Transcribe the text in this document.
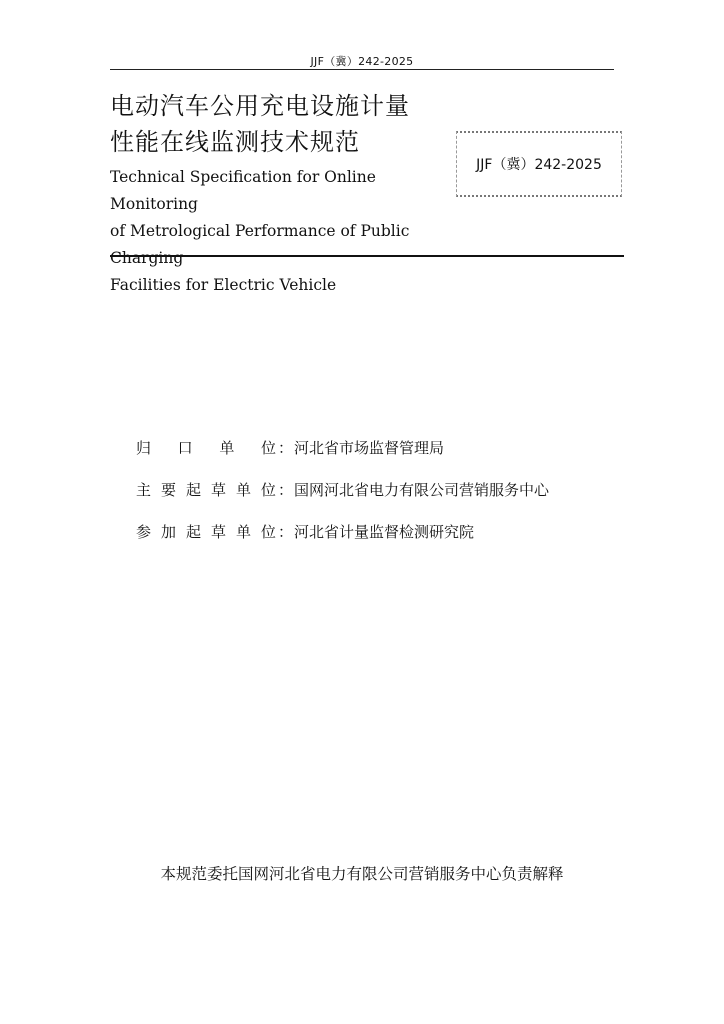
JJF（冀）242-2025
电动汽车公用充电设施计量
性能在线监测技术规范
Technical Specification for Online Monitoring
of Metrological Performance of Public Charging
Facilities for Electric Vehicle
JJF（冀）242-2025
归 口 单 位 ： 河北省市场监督管理局
主 要 起 草 单 位 ： 国网河北省电力有限公司营销服务中心
参 加 起 草 单 位 ： 河北省计量监督检测研究院
本规范委托国网河北省电力有限公司营销服务中心负责解释
